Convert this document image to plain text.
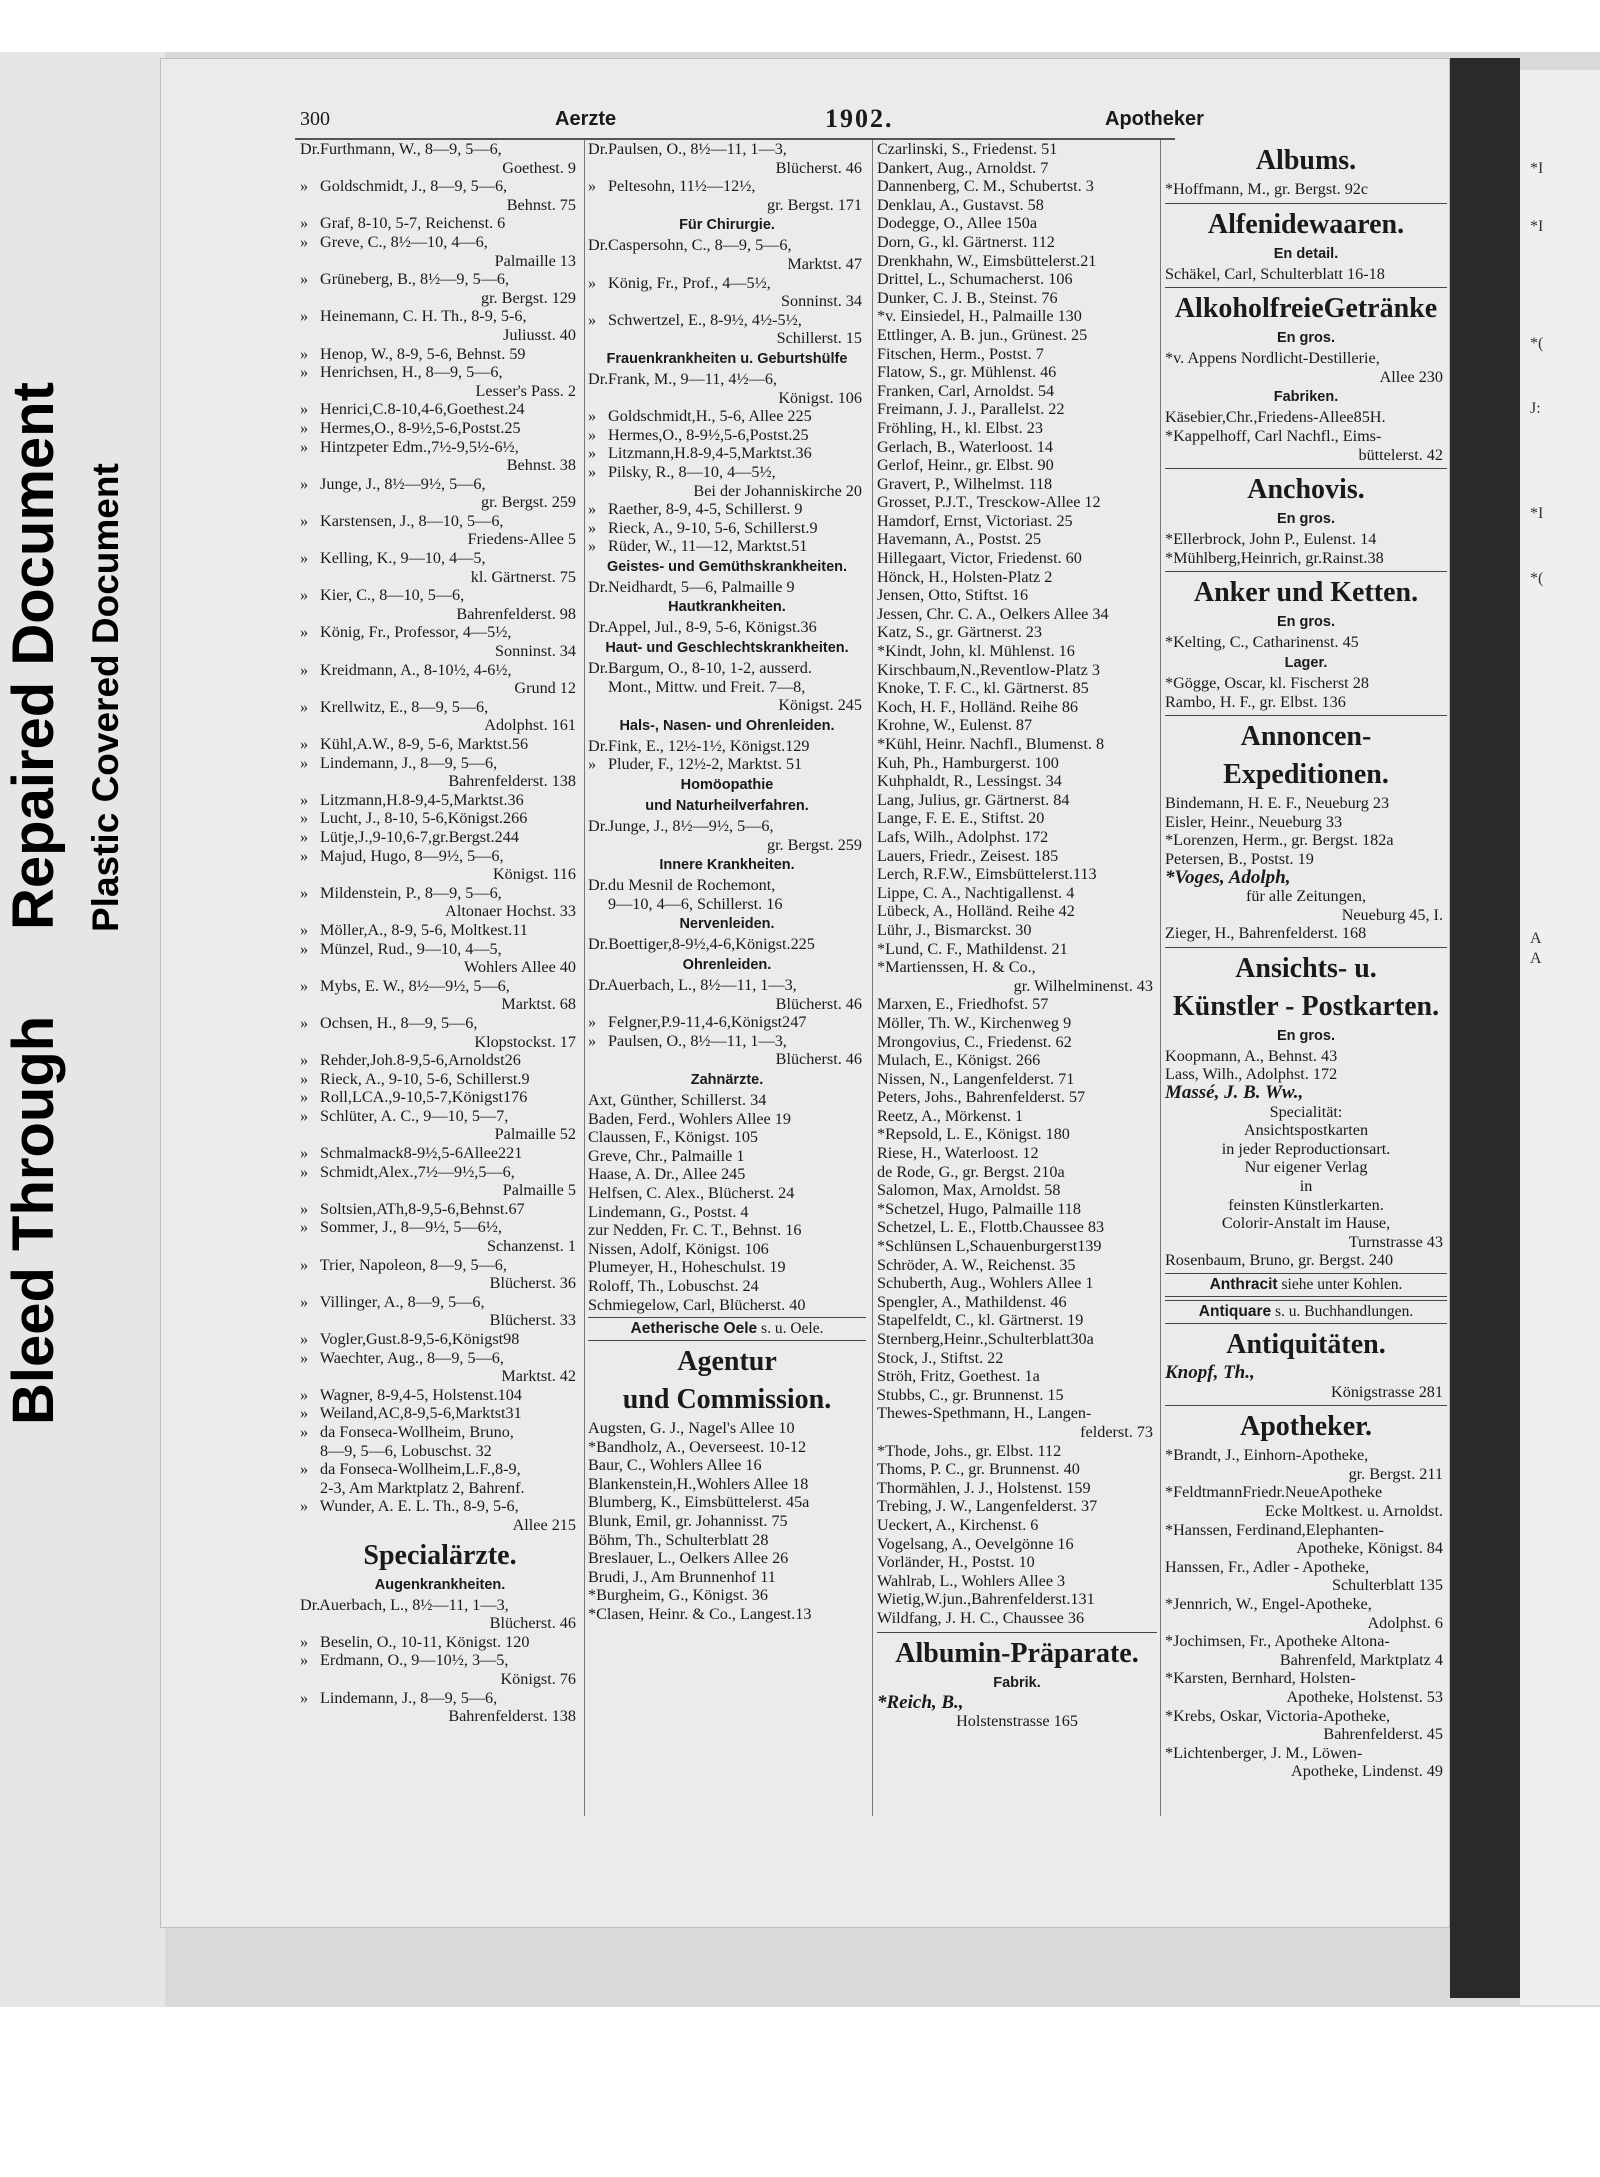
Bleed Through
Repaired Document Plastic Covered Document
*I
*I
*(
J:
*I
*(
A
A
300	Aerzte	1902.	Apotheker
Dr. Furthmann, W., 8—9, 5—6,
Goethest. 9
» Goldschmidt, J., 8—9, 5—6,
Behnst. 75
» Graf, 8-10, 5-7, Reichenst. 6
» Greve, C., 8½—10, 4—6,
Palmaille 13
» Grüneberg, B., 8½—9, 5—6,
gr. Bergst. 129
» Heinemann, C. H. Th., 8-9, 5-6,
Juliusst. 40
» Henop, W., 8-9, 5-6, Behnst. 59
» Henrichsen, H., 8—9, 5—6,
Lesser's Pass. 2
» Henrici,C.8-10,4-6,Goethest.24
» Hermes,O., 8-9½,5-6,Postst.25
» Hintzpeter Edm.,7½-9,5½-6½,
Behnst. 38
» Junge, J., 8½—9½, 5—6,
gr. Bergst. 259
» Karstensen, J., 8—10, 5—6,
Friedens-Allee 5
» Kelling, K., 9—10, 4—5,
kl. Gärtnerst. 75
» Kier, C., 8—10, 5—6,
Bahrenfelderst. 98
» König, Fr., Professor, 4—5½,
Sonninst. 34
» Kreidmann, A., 8-10½, 4-6½,
Grund 12
» Krellwitz, E., 8—9, 5—6,
Adolphst. 161
» Kühl,A.W., 8-9, 5-6, Marktst.56
» Lindemann, J., 8—9, 5—6,
Bahrenfelderst. 138
» Litzmann,H.8-9,4-5,Marktst.36
» Lucht, J., 8-10, 5-6,Königst.266
» Lütje,J.,9-10,6-7,gr.Bergst.244
» Majud, Hugo, 8—9½, 5—6,
Königst. 116
» Mildenstein, P., 8—9, 5—6,
Altonaer Hochst. 33
» Möller,A., 8-9, 5-6, Moltkest.11
» Münzel, Rud., 9—10, 4—5,
Wohlers Allee 40
» Mybs, E. W., 8½—9½, 5—6,
Marktst. 68
» Ochsen, H., 8—9, 5—6,
Klopstockst. 17
» Rehder,Joh.8-9,5-6,Arnoldst26
» Rieck, A., 9-10, 5-6, Schillerst.9
» Roll,LCA.,9-10,5-7,Königst176
» Schlüter, A. C., 9—10, 5—7,
Palmaille 52
» Schmalmack8-9½,5-6Allee221
» Schmidt,Alex.,7½—9½,5—6,
Palmaille 5
» Soltsien,ATh,8-9,5-6,Behnst.67
» Sommer, J., 8—9½, 5—6½,
Schanzenst. 1
» Trier, Napoleon, 8—9, 5—6,
Blücherst. 36
» Villinger, A., 8—9, 5—6,
Blücherst. 33
» Vogler,Gust.8-9,5-6,Königst98
» Waechter, Aug., 8—9, 5—6,
Marktst. 42
» Wagner, 8-9,4-5, Holstenst.104
» Weiland,AC,8-9,5-6,Marktst31
» da Fonseca-Wollheim, Bruno,
8—9, 5—6, Lobuschst. 32
» da Fonseca-Wollheim,L.F.,8-9,
2-3, Am Marktplatz 2, Bahrenf.
» Wunder, A. E. L. Th., 8-9, 5-6,
Allee 215
Specialärzte.
Augenkrankheiten.
Dr. Auerbach, L., 8½—11, 1—3,
Blücherst. 46
» Beselin, O., 10-11, Königst. 120
» Erdmann, O., 9—10½, 3—5,
Königst. 76
» Lindemann, J., 8—9, 5—6,
Bahrenfelderst. 138
Dr. Paulsen, O., 8½—11, 1—3,
Blücherst. 46
» Peltesohn, 11½—12½,
gr. Bergst. 171
Für Chirurgie.
Dr. Caspersohn, C., 8—9, 5—6,
Marktst. 47
» König, Fr., Prof., 4—5½,
Sonninst. 34
» Schwertzel, E., 8-9½, 4½-5½,
Schillerst. 15
Frauenkrankheiten u. Geburtshülfe
Dr. Frank, M., 9—11, 4½—6,
Königst. 106
» Goldschmidt,H., 5-6, Allee 225
» Hermes,O., 8-9½,5-6,Postst.25
» Litzmann,H.8-9,4-5,Marktst.36
» Pilsky, R., 8—10, 4—5½,
Bei der Johanniskirche 20
» Raether, 8-9, 4-5, Schillerst. 9
» Rieck, A., 9-10, 5-6, Schillerst.9
» Rüder, W., 11—12, Marktst.51
Geistes- und Gemüthskrankheiten.
Dr. Neidhardt, 5—6, Palmaille 9
Hautkrankheiten.
Dr. Appel, Jul., 8-9, 5-6, Königst.36
Haut- und Geschlechtskrankheiten.
Dr. Bargum, O., 8-10, 1-2, ausserd.
Mont., Mittw. und Freit. 7—8,
Königst. 245
Hals-, Nasen- und Ohrenleiden.
Dr. Fink, E., 12½-1½, Königst.129
» Pluder, F., 12½-2, Marktst. 51
Homöopathie
und Naturheilverfahren.
Dr. Junge, J., 8½—9½, 5—6,
gr. Bergst. 259
Innere Krankheiten.
Dr. du Mesnil de Rochemont,
9—10, 4—6, Schillerst. 16
Nervenleiden.
Dr.Boettiger,8-9½,4-6,Königst.225
Ohrenleiden.
Dr. Auerbach, L., 8½—11, 1—3,
Blücherst. 46
» Felgner,P.9-11,4-6,Königst247
» Paulsen, O., 8½—11, 1—3,
Blücherst. 46
Zahnärzte.
Axt, Günther, Schillerst. 34
Baden, Ferd., Wohlers Allee 19
Claussen, F., Königst. 105
Greve, Chr., Palmaille 1
Haase, A. Dr., Allee 245
Helfsen, C. Alex., Blücherst. 24
Lindemann, G., Postst. 4
zur Nedden, Fr. C. T., Behnst. 16
Nissen, Adolf, Königst. 106
Plumeyer, H., Hoheschulst. 19
Roloff, Th., Lobuschst. 24
Schmiegelow, Carl, Blücherst. 40
Aetherische Oele s. u. Oele.
Agentur
und Commission.
Augsten, G. J., Nagel's Allee 10
*Bandholz, A., Oeverseest. 10-12
Baur, C., Wohlers Allee 16
Blankenstein,H.,Wohlers Allee 18
Blumberg, K., Eimsbüttelerst. 45a
Blunk, Emil, gr. Johannisst. 75
Böhm, Th., Schulterblatt 28
Breslauer, L., Oelkers Allee 26
Brudi, J., Am Brunnenhof 11
*Burgheim, G., Königst. 36
*Clasen, Heinr. & Co., Langest.13
Czarlinski, S., Friedenst. 51
Dankert, Aug., Arnoldst. 7
Dannenberg, C. M., Schubertst. 3
Denklau, A., Gustavst. 58
Dodegge, O., Allee 150a
Dorn, G., kl. Gärtnerst. 112
Drenkhahn, W., Eimsbüttelerst.21
Drittel, L., Schumacherst. 106
Dunker, C. J. B., Steinst. 76
*v. Einsiedel, H., Palmaille 130
Ettlinger, A. B. jun., Grünest. 25
Fitschen, Herm., Postst. 7
Flatow, S., gr. Mühlenst. 46
Franken, Carl, Arnoldst. 54
Freimann, J. J., Parallelst. 22
Fröhling, H., kl. Elbst. 23
Gerlach, B., Waterloost. 14
Gerlof, Heinr., gr. Elbst. 90
Gravert, P., Wilhelmst. 118
Grosset, P.J.T., Tresckow-Allee 12
Hamdorf, Ernst, Victoriast. 25
Havemann, A., Postst. 25
Hillegaart, Victor, Friedenst. 60
Hönck, H., Holsten-Platz 2
Jensen, Otto, Stiftst. 16
Jessen, Chr. C. A., Oelkers Allee 34
Katz, S., gr. Gärtnerst. 23
*Kindt, John, kl. Mühlenst. 16
Kirschbaum,N.,Reventlow-Platz 3
Knoke, T. F. C., kl. Gärtnerst. 85
Koch, H. F., Holländ. Reihe 86
Krohne, W., Eulenst. 87
*Kühl, Heinr. Nachfl., Blumenst. 8
Kuh, Ph., Hamburgerst. 100
Kuhphaldt, R., Lessingst. 34
Lang, Julius, gr. Gärtnerst. 84
Lange, F. E. E., Stiftst. 20
Lafs, Wilh., Adolphst. 172
Lauers, Friedr., Zeisest. 185
Lerch, R.F.W., Eimsbüttelerst.113
Lippe, C. A., Nachtigallenst. 4
Lübeck, A., Holländ. Reihe 42
Lühr, J., Bismarckst. 30
*Lund, C. F., Mathildenst. 21
*Martienssen, H. & Co.,
gr. Wilhelminenst. 43
Marxen, E., Friedhofst. 57
Möller, Th. W., Kirchenweg 9
Mrongovius, C., Friedenst. 62
Mulach, E., Königst. 266
Nissen, N., Langenfelderst. 71
Peters, Johs., Bahrenfelderst. 57
Reetz, A., Mörkenst. 1
*Repsold, L. E., Königst. 180
Riese, H., Waterloost. 12
de Rode, G., gr. Bergst. 210a
Salomon, Max, Arnoldst. 58
*Schetzel, Hugo, Palmaille 118
Schetzel, L. E., Flottb.Chaussee 83
*Schlünsen L,Schauenburgerst139
Schröder, A. W., Reichenst. 35
Schuberth, Aug., Wohlers Allee 1
Spengler, A., Mathildenst. 46
Stapelfeldt, C., kl. Gärtnerst. 19
Sternberg,Heinr.,Schulterblatt30a
Stock, J., Stiftst. 22
Ströh, Fritz, Goethest. 1a
Stubbs, C., gr. Brunnenst. 15
Thewes-Spethmann, H., Langen-
felderst. 73
*Thode, Johs., gr. Elbst. 112
Thoms, P. C., gr. Brunnenst. 40
Thormählen, J. J., Holstenst. 159
Trebing, J. W., Langenfelderst. 37
Ueckert, A., Kirchenst. 6
Vogelsang, A., Oevelgönne 16
Vorländer, H., Postst. 10
Wahlrab, L., Wohlers Allee 3
Wietig,W.jun.,Bahrenfelderst.131
Wildfang, J. H. C., Chaussee 36
Albumin-Präparate.
Fabrik.
*Reich, B.,
Holstenstrasse 165
Albums.
*Hoffmann, M., gr. Bergst. 92c
Alfenidewaaren.
En detail.
Schäkel, Carl, Schulterblatt 16-18
AlkoholfreieGetränke
En gros.
*v. Appens Nordlicht-Destillerie,
Allee 230
Fabriken.
Käsebier,Chr.,Friedens-Allee85H.
*Kappelhoff, Carl Nachfl., Eims-
büttelerst. 42
Anchovis.
En gros.
*Ellerbrock, John P., Eulenst. 14
*Mühlberg,Heinrich, gr.Rainst.38
Anker und Ketten.
En gros.
*Kelting, C., Catharinenst. 45
Lager.
*Gögge, Oscar, kl. Fischerst 28
Rambo, H. F., gr. Elbst. 136
Annoncen-
Expeditionen.
Bindemann, H. E. F., Neueburg 23
Eisler, Heinr., Neueburg 33
*Lorenzen, Herm., gr. Bergst. 182a
Petersen, B., Postst. 19
*Voges, Adolph,
für alle Zeitungen,
Neueburg 45, I.
Zieger, H., Bahrenfelderst. 168
Ansichts- u.
Künstler - Postkarten.
En gros.
Koopmann, A., Behnst. 43
Lass, Wilh., Adolphst. 172
Massé, J. B. Ww.,
Specialität:
Ansichtspostkarten
in jeder Reproductionsart.
Nur eigener Verlag
in
feinsten Künstlerkarten.
Colorir-Anstalt im Hause,
Turnstrasse 43
Rosenbaum, Bruno, gr. Bergst. 240
Anthracit siehe unter Kohlen.
Antiquare s. u. Buchhandlungen.
Antiquitäten.
Knopf, Th.,
Königstrasse 281
Apotheker.
*Brandt, J., Einhorn-Apotheke,
gr. Bergst. 211
*FeldtmannFriedr.NeueApotheke
Ecke Moltkest. u. Arnoldst.
*Hanssen, Ferdinand,Elephanten-
Apotheke, Königst. 84
Hanssen, Fr., Adler - Apotheke,
Schulterblatt 135
*Jennrich, W., Engel-Apotheke,
Adolphst. 6
*Jochimsen, Fr., Apotheke Altona-
Bahrenfeld, Marktplatz 4
*Karsten, Bernhard, Holsten-
Apotheke, Holstenst. 53
*Krebs, Oskar, Victoria-Apotheke,
Bahrenfelderst. 45
*Lichtenberger, J. M., Löwen-
Apotheke, Lindenst. 49
